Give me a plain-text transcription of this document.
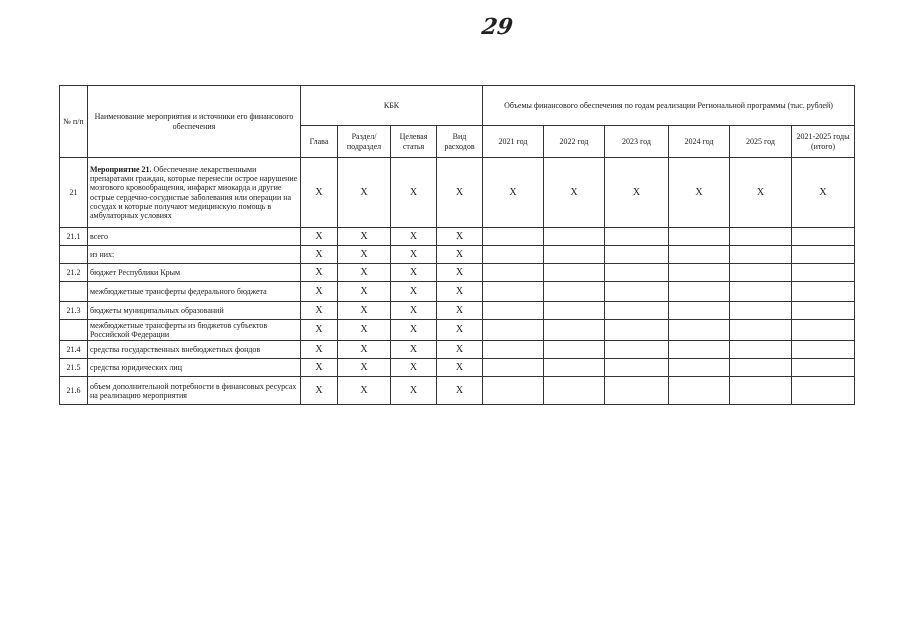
29
№ п/п	Наименование мероприятия и источники его финансового обеспечения	КБК				Объемы финансового обеспечения по годам реализации Региональной программы (тыс. рублей)					
		Глава	Раздел/ подраздел	Целевая статья	Вид расходов	2021 год	2022 год	2023 год	2024 год	2025 год	2021-2025 годы (итого)
21	Мероприятие 21. Обеспечение лекарственными препаратами граждан, которые перенесли острое нарушение мозгового кровообращения, инфаркт миокарда и другие острые сердечно-сосудистые заболевания или операции на сосудах и которые получают медицинскую помощь в амбулаторных условиях	X	X	X	X	X	X	X	X	X	X
21.1	всего	X	X	X	X						
	из них:	X	X	X	X						
21.2	бюджет Республики Крым	X	X	X	X						
	межбюджетные трансферты федерального бюджета	X	X	X	X						
21.3	бюджеты муниципальных образований	X	X	X	X						
	межбюджетные трансферты из бюджетов субъектов Российской Федерации	X	X	X	X						
21.4	средства государственных внебюджетных фондов	X	X	X	X						
21.5	средства юридических лиц	X	X	X	X						
21.6	объем дополнительной потребности в финансовых ресурсах на реализацию мероприятия	X	X	X	X						
